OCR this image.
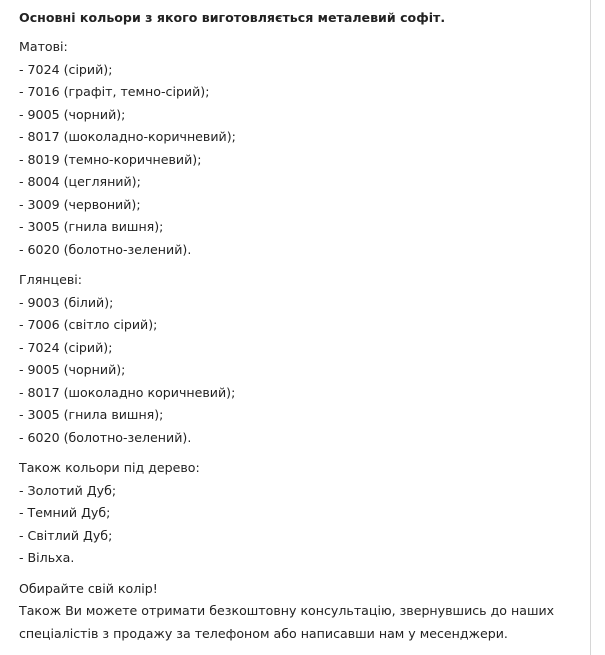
Основні кольори з якого виготовляється металевий софіт.
Матові:
- 7024 (сірий);
- 7016 (графіт, темно-сірий);
- 9005 (чорний);
- 8017 (шоколадно-коричневий);
- 8019 (темно-коричневий);
- 8004 (цегляний);
- 3009 (червоний);
- 3005 (гнила вишня);
- 6020 (болотно-зелений).
Глянцеві:
- 9003 (білий);
- 7006 (світло сірий);
- 7024 (сірий);
- 9005 (чорний);
- 8017 (шоколадно коричневий);
- 3005 (гнила вишня);
- 6020 (болотно-зелений).
Також кольори під дерево:
- Золотий Дуб;
- Темний Дуб;
- Світлий Дуб;
- Вільха.
Обирайте свій колір!
Також Ви можете отримати безкоштовну консультацію, звернувшись до наших
спеціалістів з продажу за телефоном або написавши нам у месенджери.
